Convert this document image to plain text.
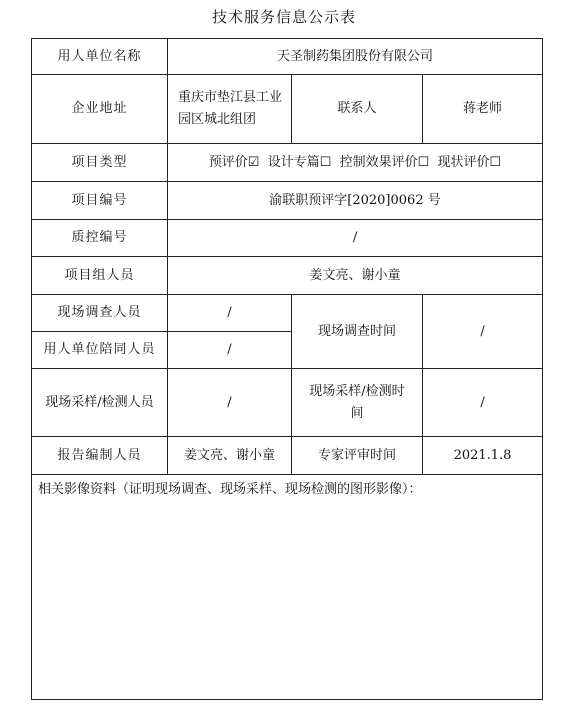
技术服务信息公示表
用人单位名称	天圣制药集团股份有限公司		
企业地址	重庆市垫江县工业园区城北组团	联系人	蒋老师
项目类型	预评价☑  设计专篇☐  控制效果评价☐  现状评价☐		
项目编号	渝联职预评字[2020]0062 号		
质控编号	/		
项目组人员	姜文亮、谢小童		
现场调查人员	/	现场调查时间	/
用人单位陪同人员	/		
现场采样/检测人员	/	现场采样/检测时间	/
报告编制人员	姜文亮、谢小童	专家评审时间	2021.1.8
相关影像资料（证明现场调查、现场采样、现场检测的图形影像）：			
